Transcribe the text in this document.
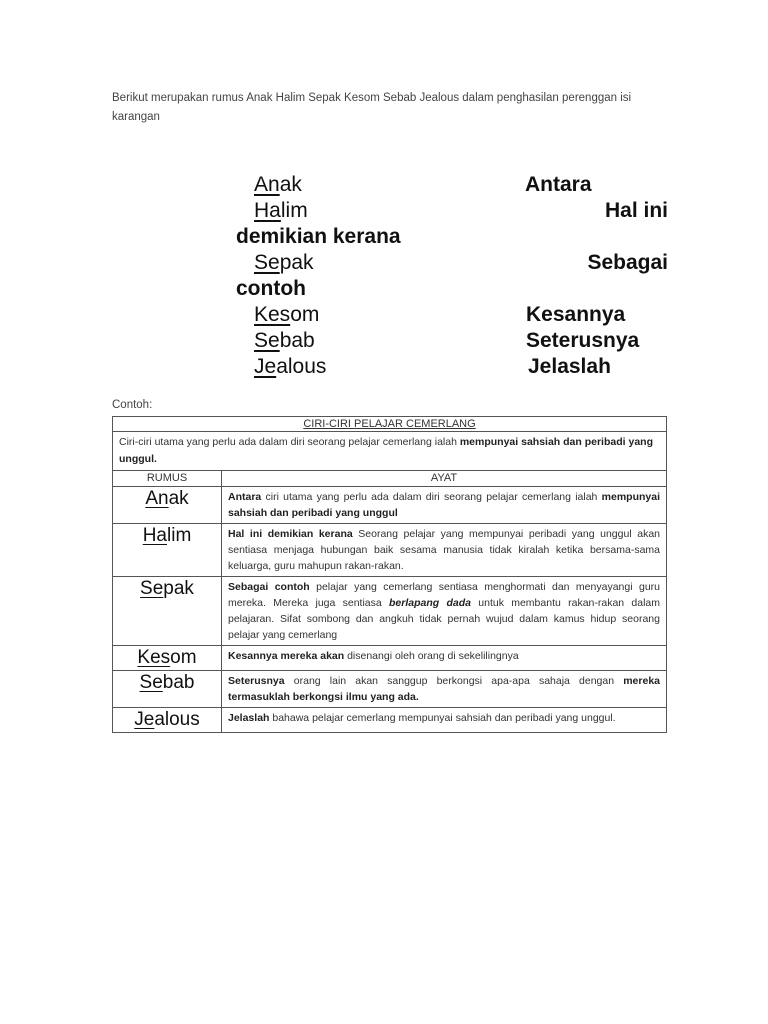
Berikut merupakan rumus Anak Halim Sepak Kesom Sebab Jealous dalam penghasilan perenggan isi karangan
Anak	Antara
Halim	Hal ini
demikian kerana
Sepak	Sebagai
contoh
Kesom	Kesannya
Sebab	Seterusnya
Jealous	Jelaslah
Contoh:
CIRI-CIRI PELAJAR CEMERLANG	
Ciri-ciri utama yang perlu ada dalam diri seorang pelajar cemerlang ialah mempunyai sahsiah dan peribadi yang unggul.	
RUMUS	AYAT
Anak	Antara ciri utama yang perlu ada dalam diri seorang pelajar cemerlang ialah mempunyai sahsiah dan peribadi yang unggul
Halim	Hal ini demikian kerana Seorang pelajar yang mempunyai peribadi yang unggul akan sentiasa menjaga hubungan baik sesama manusia tidak kiralah ketika bersama-sama keluarga, guru mahupun rakan-rakan.
Sepak	Sebagai contoh pelajar yang cemerlang sentiasa menghormati dan menyayangi guru mereka. Mereka juga sentiasa berlapang dada untuk membantu rakan-rakan dalam pelajaran. Sifat sombong dan angkuh tidak pernah wujud dalam kamus hidup seorang pelajar yang cemerlang
Kesom	Kesannya mereka akan disenangi oleh orang di sekelilingnya
Sebab	Seterusnya orang lain akan sanggup berkongsi apa-apa sahaja dengan mereka termasuklah berkongsi ilmu yang ada.
Jealous	Jelaslah bahawa pelajar cemerlang mempunyai sahsiah dan peribadi yang unggul.
